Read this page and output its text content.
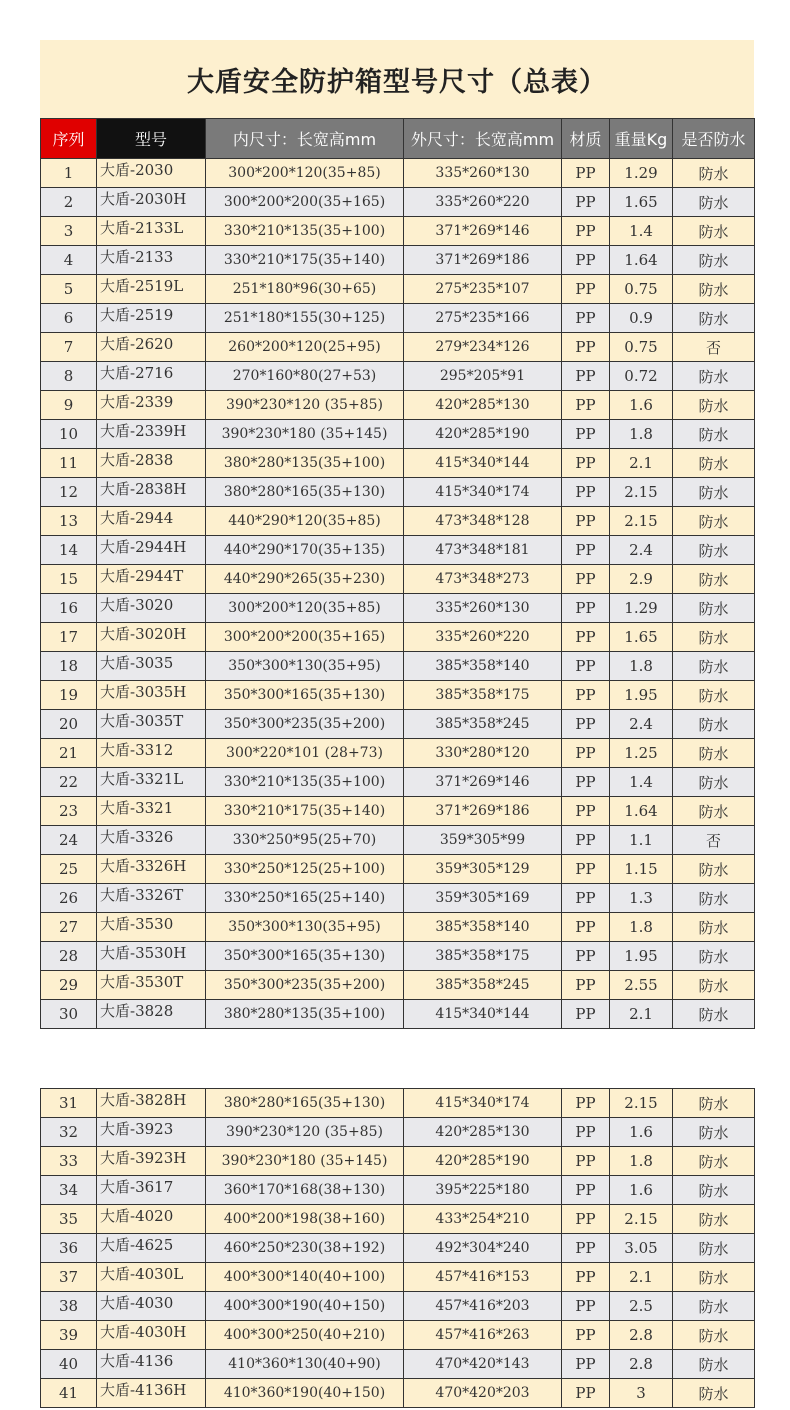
大盾安全防护箱型号尺寸（总表）
序列	型号	内尺寸：长宽高mm	外尺寸：长宽高mm	材质	重量Kg	是否防水
1	大盾-2030	300*200*120(35+85)	335*260*130	PP	1.29	防水
2	大盾-2030H	300*200*200(35+165)	335*260*220	PP	1.65	防水
3	大盾-2133L	330*210*135(35+100)	371*269*146	PP	1.4	防水
4	大盾-2133	330*210*175(35+140)	371*269*186	PP	1.64	防水
5	大盾-2519L	251*180*96(30+65)	275*235*107	PP	0.75	防水
6	大盾-2519	251*180*155(30+125)	275*235*166	PP	0.9	防水
7	大盾-2620	260*200*120(25+95)	279*234*126	PP	0.75	否
8	大盾-2716	270*160*80(27+53)	295*205*91	PP	0.72	防水
9	大盾-2339	390*230*120 (35+85)	420*285*130	PP	1.6	防水
10	大盾-2339H	390*230*180 (35+145)	420*285*190	PP	1.8	防水
11	大盾-2838	380*280*135(35+100)	415*340*144	PP	2.1	防水
12	大盾-2838H	380*280*165(35+130)	415*340*174	PP	2.15	防水
13	大盾-2944	440*290*120(35+85)	473*348*128	PP	2.15	防水
14	大盾-2944H	440*290*170(35+135)	473*348*181	PP	2.4	防水
15	大盾-2944T	440*290*265(35+230)	473*348*273	PP	2.9	防水
16	大盾-3020	300*200*120(35+85)	335*260*130	PP	1.29	防水
17	大盾-3020H	300*200*200(35+165)	335*260*220	PP	1.65	防水
18	大盾-3035	350*300*130(35+95)	385*358*140	PP	1.8	防水
19	大盾-3035H	350*300*165(35+130)	385*358*175	PP	1.95	防水
20	大盾-3035T	350*300*235(35+200)	385*358*245	PP	2.4	防水
21	大盾-3312	300*220*101 (28+73)	330*280*120	PP	1.25	防水
22	大盾-3321L	330*210*135(35+100)	371*269*146	PP	1.4	防水
23	大盾-3321	330*210*175(35+140)	371*269*186	PP	1.64	防水
24	大盾-3326	330*250*95(25+70)	359*305*99	PP	1.1	否
25	大盾-3326H	330*250*125(25+100)	359*305*129	PP	1.15	防水
26	大盾-3326T	330*250*165(25+140)	359*305*169	PP	1.3	防水
27	大盾-3530	350*300*130(35+95)	385*358*140	PP	1.8	防水
28	大盾-3530H	350*300*165(35+130)	385*358*175	PP	1.95	防水
29	大盾-3530T	350*300*235(35+200)	385*358*245	PP	2.55	防水
30	大盾-3828	380*280*135(35+100)	415*340*144	PP	2.1	防水
31	大盾-3828H	380*280*165(35+130)	415*340*174	PP	2.15	防水
32	大盾-3923	390*230*120 (35+85)	420*285*130	PP	1.6	防水
33	大盾-3923H	390*230*180 (35+145)	420*285*190	PP	1.8	防水
34	大盾-3617	360*170*168(38+130)	395*225*180	PP	1.6	防水
35	大盾-4020	400*200*198(38+160)	433*254*210	PP	2.15	防水
36	大盾-4625	460*250*230(38+192)	492*304*240	PP	3.05	防水
37	大盾-4030L	400*300*140(40+100)	457*416*153	PP	2.1	防水
38	大盾-4030	400*300*190(40+150)	457*416*203	PP	2.5	防水
39	大盾-4030H	400*300*250(40+210)	457*416*263	PP	2.8	防水
40	大盾-4136	410*360*130(40+90)	470*420*143	PP	2.8	防水
41	大盾-4136H	410*360*190(40+150)	470*420*203	PP	3	防水
